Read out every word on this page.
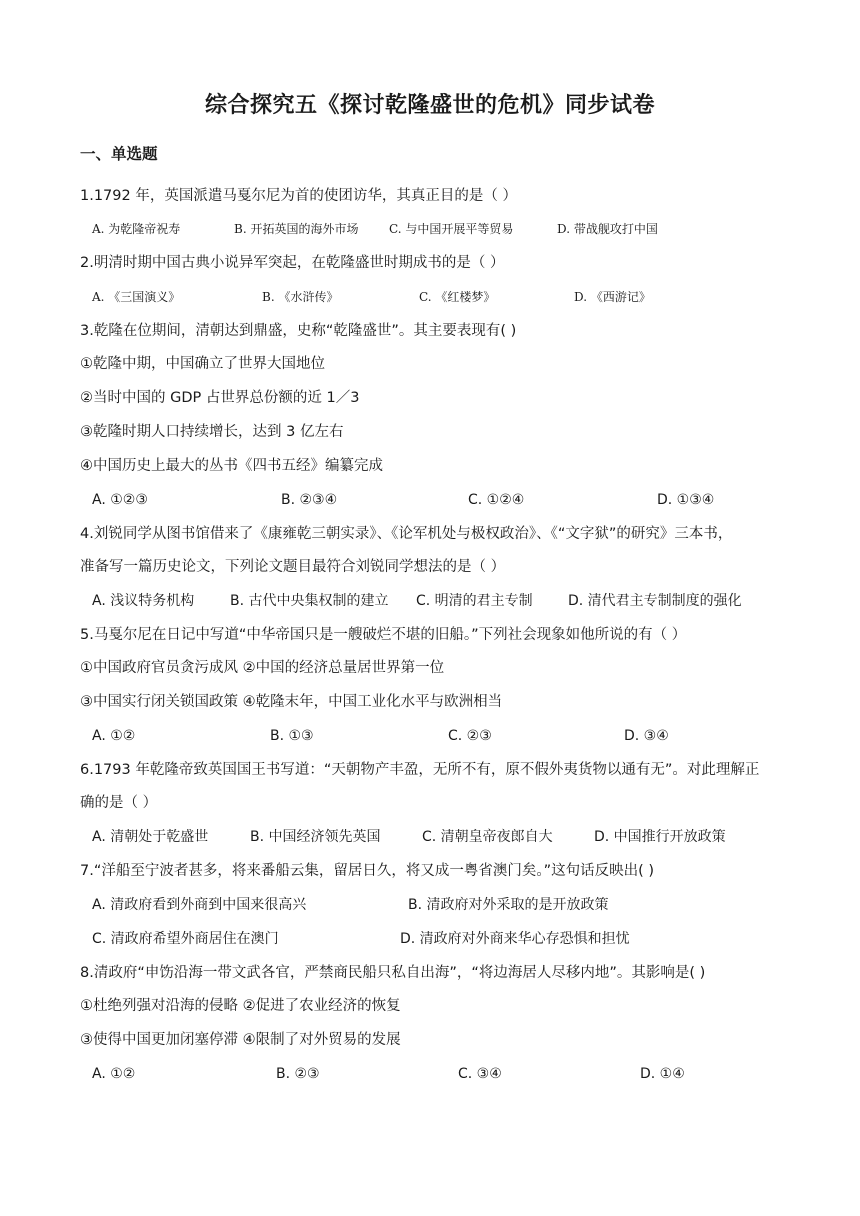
综合探究五《探讨乾隆盛世的危机》同步试卷
一、单选题
1.1792 年，英国派遣马戛尔尼为首的使团访华，其真正目的是（ ）
A. 为乾隆帝祝寿	B. 开拓英国的海外市场	C. 与中国开展平等贸易	D. 带战舰攻打中国
2.明清时期中国古典小说异军突起，在乾隆盛世时期成书的是（ ）
A. 《三国演义》	B. 《水浒传》	C. 《红楼梦》	D. 《西游记》
3.乾隆在位期间，清朝达到鼎盛，史称“乾隆盛世”。其主要表现有( )
①乾隆中期，中国确立了世界大国地位
②当时中国的 GDP 占世界总份额的近 1／3
③乾隆时期人口持续增长，达到 3 亿左右
④中国历史上最大的丛书《四书五经》编纂完成
A. ①②③	B. ②③④	C. ①②④	D. ①③④
4.刘锐同学从图书馆借来了《康雍乾三朝实录》、《论军机处与极权政治》、《“文字狱”的研究》三本书，
准备写一篇历史论文，下列论文题目最符合刘锐同学想法的是（ ）
A. 浅议特务机构	B. 古代中央集权制的建立 C. 明清的君主专制	D. 清代君主专制制度的强化
5.马戛尔尼在日记中写道“中华帝国只是一艘破烂不堪的旧船。”下列社会现象如他所说的有（ ）
①中国政府官员贪污成风 ②中国的经济总量居世界第一位
③中国实行闭关锁国政策 ④乾隆末年，中国工业化水平与欧洲相当
A. ①②	B. ①③	C. ②③	D. ③④
6.1793 年乾隆帝致英国国王书写道：“天朝物产丰盈，无所不有，原不假外夷货物以通有无”。对此理解正
确的是（ ）
A. 清朝处于乾盛世	B. 中国经济领先英国	C. 清朝皇帝夜郎自大	D. 中国推行开放政策
7.“洋船至宁波者甚多，将来番船云集，留居日久，将又成一粤省澳门矣。”这句话反映出( )
A. 清政府看到外商到中国来很高兴	B. 清政府对外采取的是开放政策
C. 清政府希望外商居住在澳门	D. 清政府对外商来华心存恐惧和担忧
8.清政府“申饬沿海一带文武各官，严禁商民船只私自出海”，“将边海居人尽移内地”。其影响是( )
①杜绝列强对沿海的侵略 ②促进了农业经济的恢复
③使得中国更加闭塞停滞 ④限制了对外贸易的发展
A. ①②	B. ②③	C. ③④	D. ①④
